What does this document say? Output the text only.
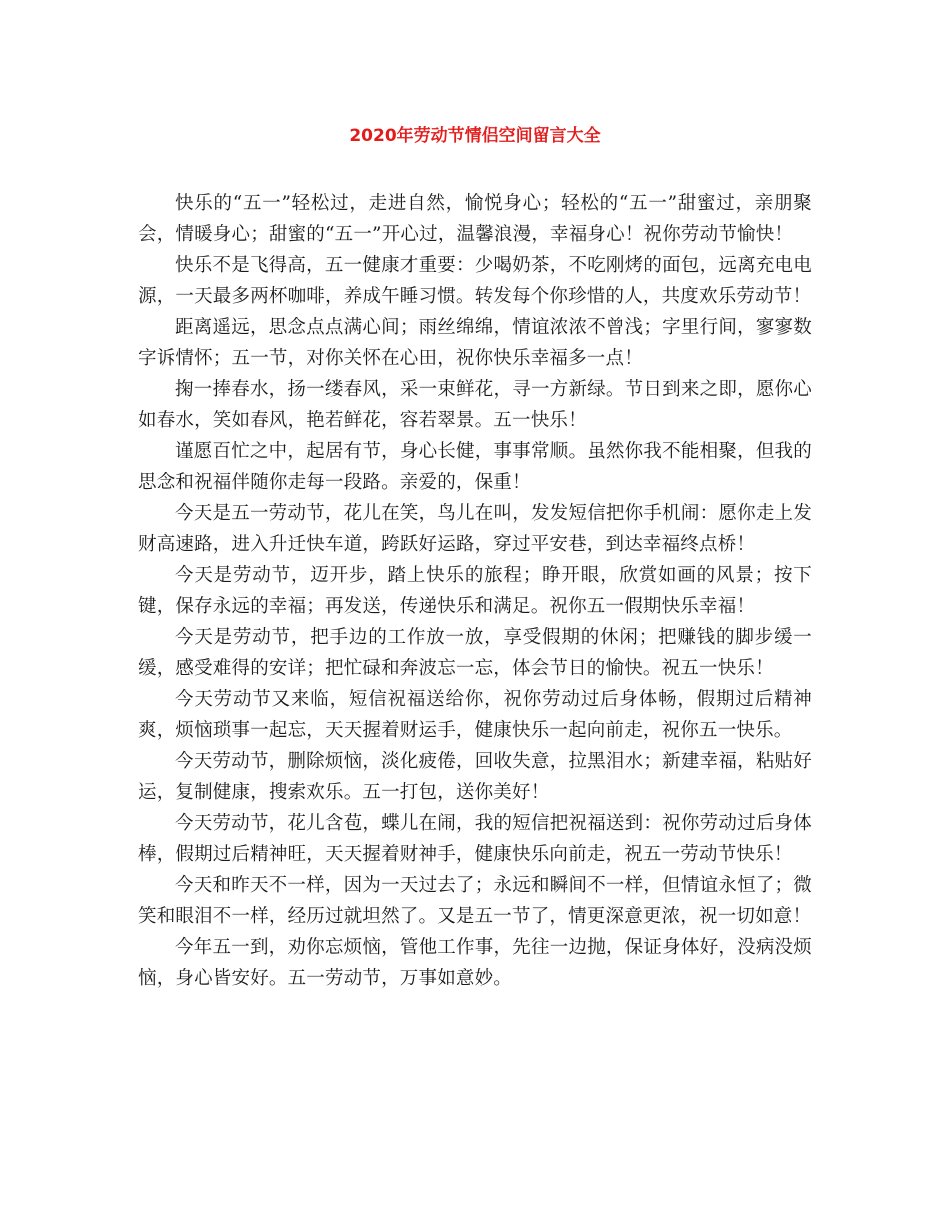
2020年劳动节情侣空间留言大全

快乐的“五一”轻松过，走进自然，愉悦身心；轻松的“五一”甜蜜过，亲朋聚会，情暖身心；甜蜜的“五一”开心过，温馨浪漫，幸福身心！祝你劳动节愉快！

快乐不是飞得高，五一健康才重要：少喝奶茶，不吃刚烤的面包，远离充电电源，一天最多两杯咖啡，养成午睡习惯。转发每个你珍惜的人，共度欢乐劳动节！

距离遥远，思念点点满心间；雨丝绵绵，情谊浓浓不曾浅；字里行间，寥寥数字诉情怀；五一节，对你关怀在心田，祝你快乐幸福多一点！

掬一捧春水，扬一缕春风，采一束鲜花，寻一方新绿。节日到来之即，愿你心如春水，笑如春风，艳若鲜花，容若翠景。五一快乐！

谨愿百忙之中，起居有节，身心长健，事事常顺。虽然你我不能相聚，但我的思念和祝福伴随你走每一段路。亲爱的，保重！

今天是五一劳动节，花儿在笑，鸟儿在叫，发发短信把你手机闹：愿你走上发财高速路，进入升迁快车道，跨跃好运路，穿过平安巷，到达幸福终点桥！

今天是劳动节，迈开步，踏上快乐的旅程；睁开眼，欣赏如画的风景；按下键，保存永远的幸福；再发送，传递快乐和满足。祝你五一假期快乐幸福！

今天是劳动节，把手边的工作放一放，享受假期的休闲；把赚钱的脚步缓一缓，感受难得的安详；把忙碌和奔波忘一忘，体会节日的愉快。祝五一快乐！

今天劳动节又来临，短信祝福送给你，祝你劳动过后身体畅，假期过后精神爽，烦恼琐事一起忘，天天握着财运手，健康快乐一起向前走，祝你五一快乐。

今天劳动节，删除烦恼，淡化疲倦，回收失意，拉黑泪水；新建幸福，粘贴好运，复制健康，搜索欢乐。五一打包，送你美好！

今天劳动节，花儿含苞，蝶儿在闹，我的短信把祝福送到：祝你劳动过后身体棒，假期过后精神旺，天天握着财神手，健康快乐向前走，祝五一劳动节快乐！

今天和昨天不一样，因为一天过去了；永远和瞬间不一样，但情谊永恒了；微笑和眼泪不一样，经历过就坦然了。又是五一节了，情更深意更浓，祝一切如意！

今年五一到，劝你忘烦恼，管他工作事，先往一边抛，保证身体好，没病没烦恼，身心皆安好。五一劳动节，万事如意妙。
